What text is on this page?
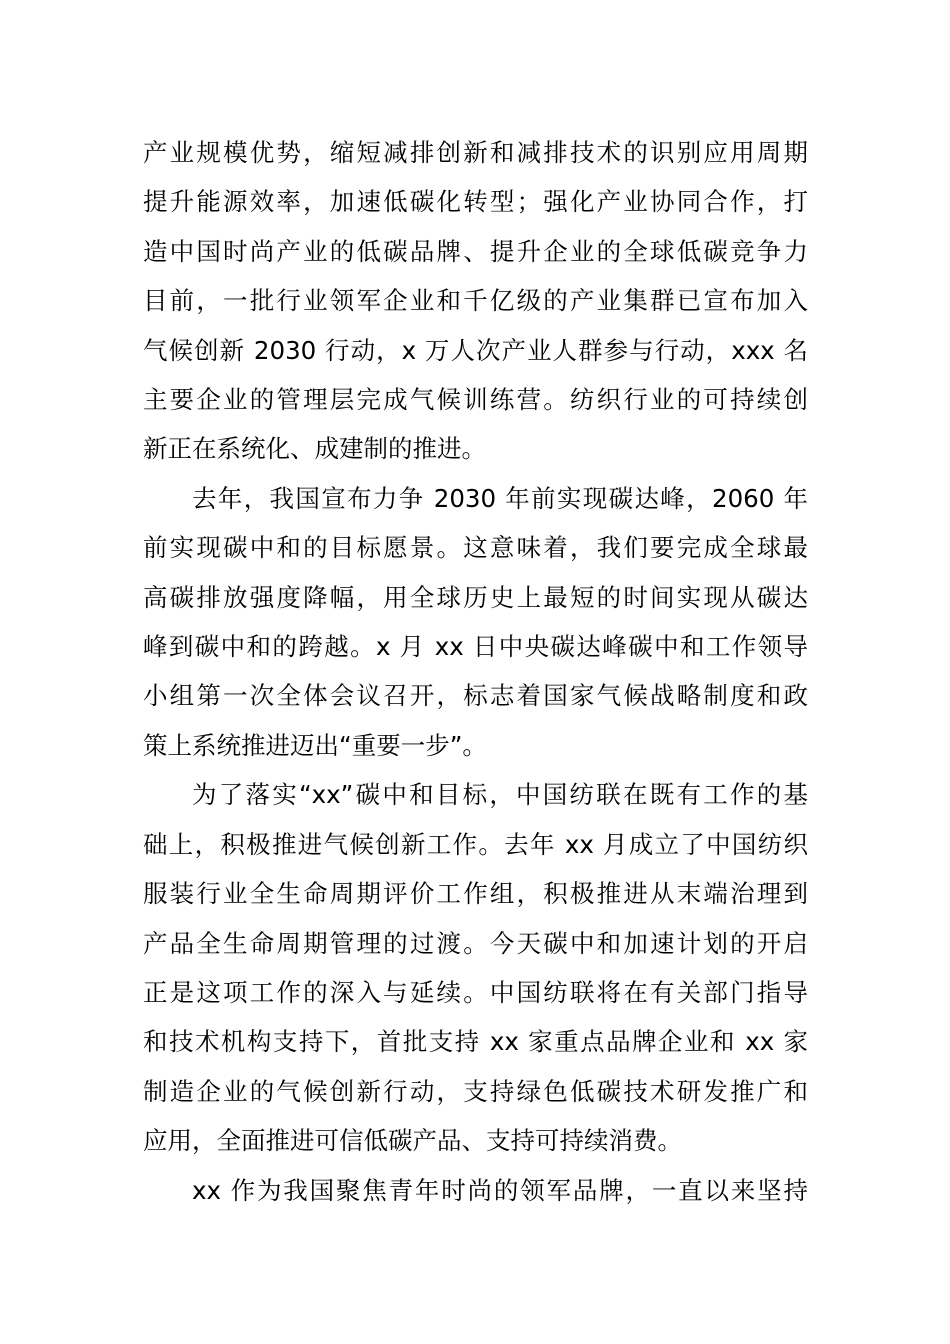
产业规模优势，缩短减排创新和减排技术的识别应用周期
提升能源效率，加速低碳化转型；强化产业协同合作，打
造中国时尚产业的低碳品牌、提升企业的全球低碳竞争力
目前，一批行业领军企业和千亿级的产业集群已宣布加入
气候创新 2030 行动，x 万人次产业人群参与行动，xxx 名
主要企业的管理层完成气候训练营。纺织行业的可持续创
新正在系统化、成建制的推进。

去年，我国宣布力争 2030 年前实现碳达峰，2060 年
前实现碳中和的目标愿景。这意味着，我们要完成全球最
高碳排放强度降幅，用全球历史上最短的时间实现从碳达
峰到碳中和的跨越。x 月 xx 日中央碳达峰碳中和工作领导
小组第一次全体会议召开，标志着国家气候战略制度和政
策上系统推进迈出“重要一步”。

为了落实“xx”碳中和目标，中国纺联在既有工作的基
础上，积极推进气候创新工作。去年 xx 月成立了中国纺织
服装行业全生命周期评价工作组，积极推进从末端治理到
产品全生命周期管理的过渡。今天碳中和加速计划的开启
正是这项工作的深入与延续。中国纺联将在有关部门指导
和技术机构支持下，首批支持 xx 家重点品牌企业和 xx 家
制造企业的气候创新行动，支持绿色低碳技术研发推广和
应用，全面推进可信低碳产品、支持可持续消费。

xx 作为我国聚焦青年时尚的领军品牌，一直以来坚持
